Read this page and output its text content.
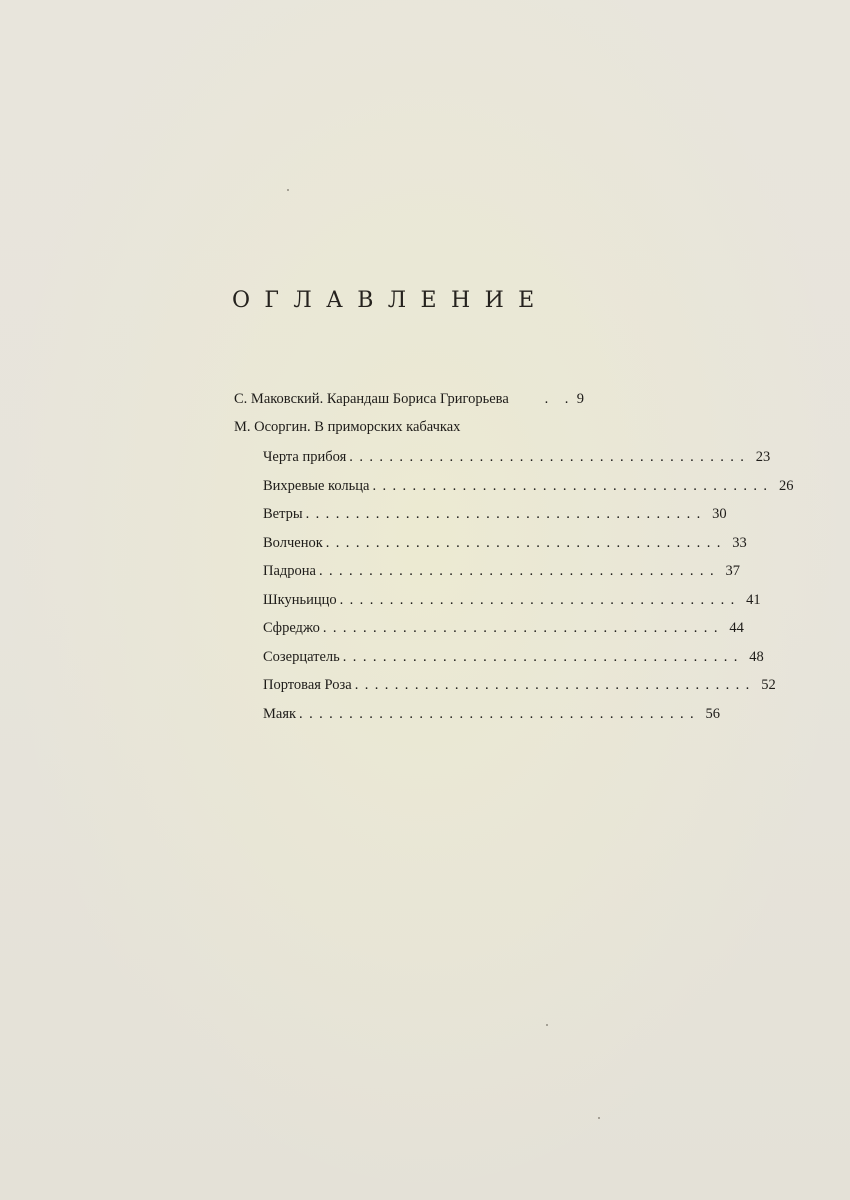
ОГЛАВЛЕНИЕ
С. Маковский. Карандаш Бориса Григорьева	. . 9
М. Осоргин. В приморских кабачках
Черта прибоя ........................................ 23
Вихревые кольца ........................................ 26
Ветры ........................................ 30
Волченок ........................................ 33
Падрона ........................................ 37
Шкуньиццо ........................................ 41
Сфреджо ........................................ 44
Созерцатель ........................................ 48
Портовая Роза ........................................ 52
Маяк ........................................ 56
